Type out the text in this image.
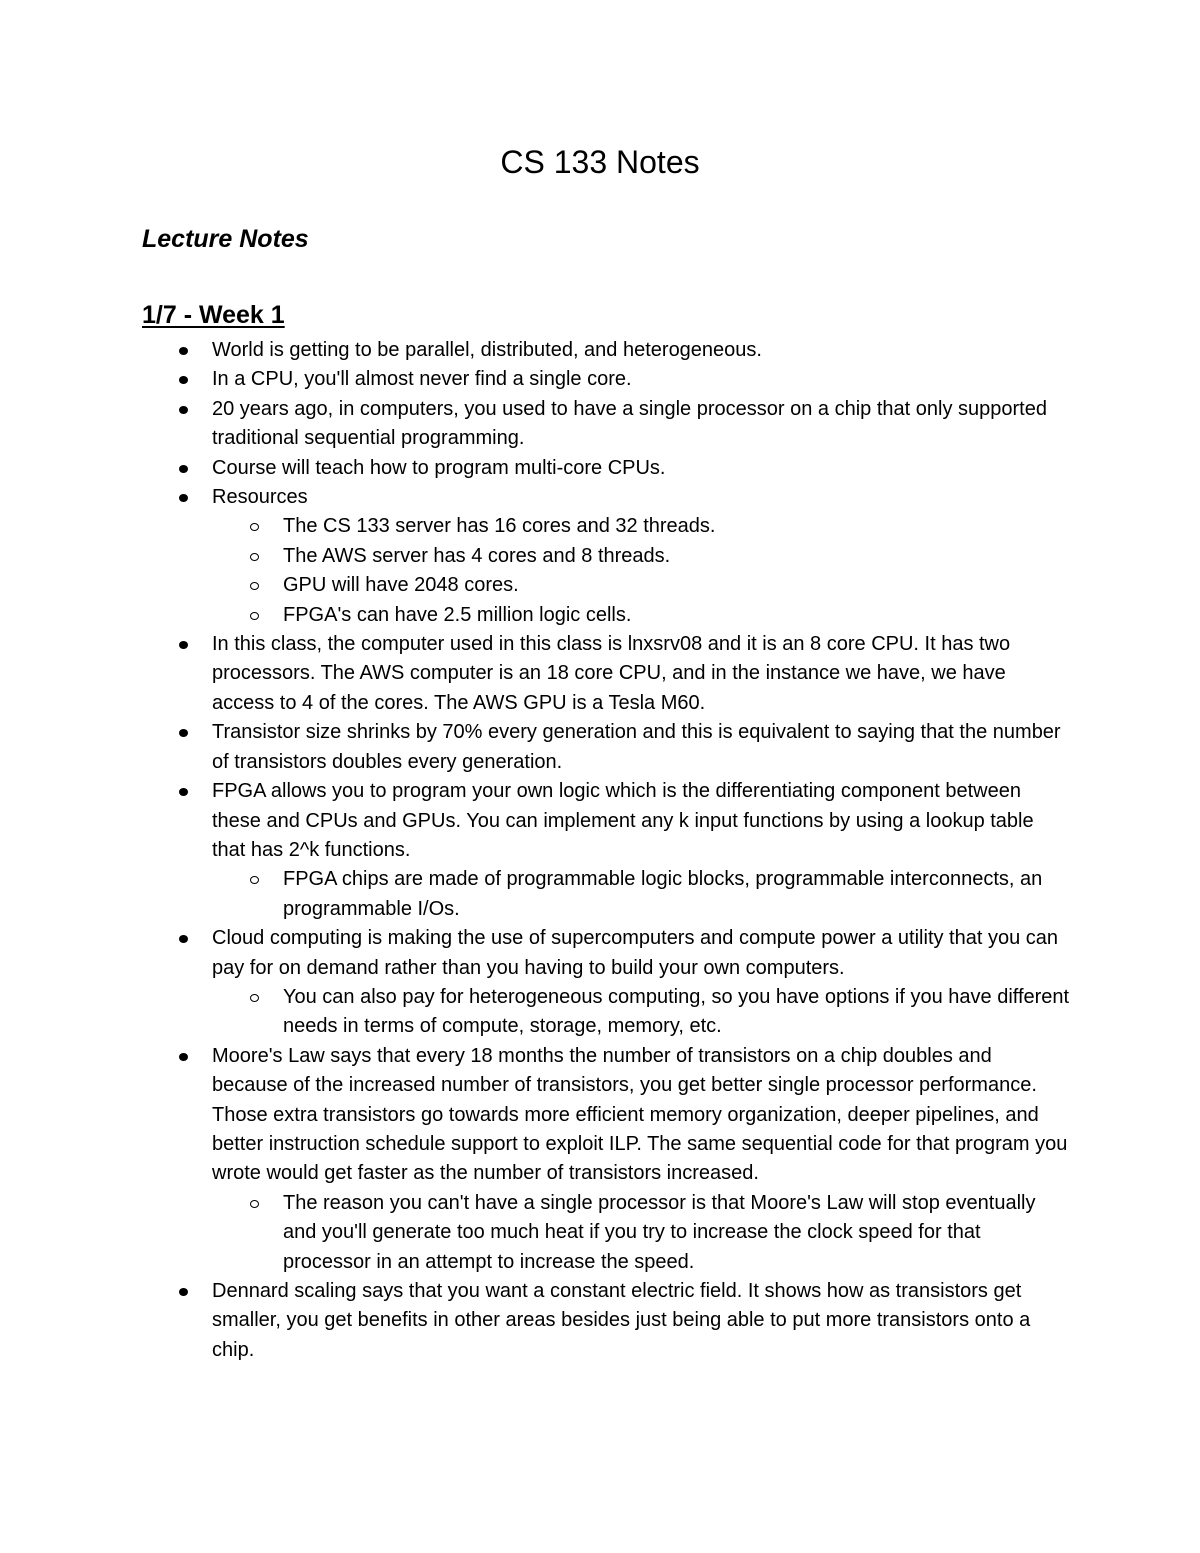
CS 133 Notes
Lecture Notes
1/7 - Week 1
World is getting to be parallel, distributed, and heterogeneous.
In a CPU, you'll almost never find a single core.
20 years ago, in computers, you used to have a single processor on a chip that only supported traditional sequential programming.
Course will teach how to program multi-core CPUs.
Resources
The CS 133 server has 16 cores and 32 threads.
The AWS server has 4 cores and 8 threads.
GPU will have 2048 cores.
FPGA's can have 2.5 million logic cells.
In this class, the computer used in this class is lnxsrv08 and it is an 8 core CPU. It has two processors. The AWS computer is an 18 core CPU, and in the instance we have, we have access to 4 of the cores. The AWS GPU is a Tesla M60.
Transistor size shrinks by 70% every generation and this is equivalent to saying that the number of transistors doubles every generation.
FPGA allows you to program your own logic which is the differentiating component between these and CPUs and GPUs. You can implement any k input functions by using a lookup table that has 2^k functions.
FPGA chips are made of programmable logic blocks, programmable interconnects, an programmable I/Os.
Cloud computing is making the use of supercomputers and compute power a utility that you can pay for on demand rather than you having to build your own computers.
You can also pay for heterogeneous computing, so you have options if you have different needs in terms of compute, storage, memory, etc.
Moore's Law says that every 18 months the number of transistors on a chip doubles and because of the increased number of transistors, you get better single processor performance. Those extra transistors go towards more efficient memory organization, deeper pipelines, and better instruction schedule support to exploit ILP. The same sequential code for that program you wrote would get faster as the number of transistors increased.
The reason you can't have a single processor is that Moore's Law will stop eventually and you'll generate too much heat if you try to increase the clock speed for that processor in an attempt to increase the speed.
Dennard scaling says that you want a constant electric field. It shows how as transistors get smaller, you get benefits in other areas besides just being able to put more transistors onto a chip.
